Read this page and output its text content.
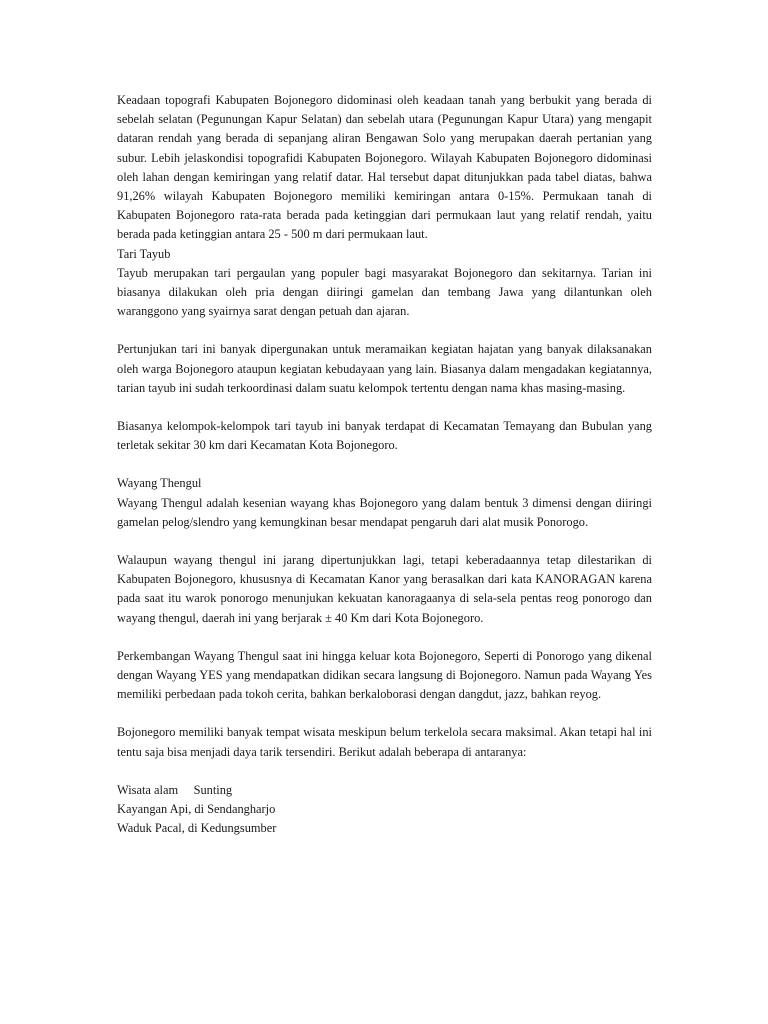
Keadaan topografi Kabupaten Bojonegoro didominasi oleh keadaan tanah yang berbukit yang berada di sebelah selatan (Pegunungan Kapur Selatan) dan sebelah utara (Pegunungan Kapur Utara) yang mengapit dataran rendah yang berada di sepanjang aliran Bengawan Solo yang merupakan daerah pertanian yang subur. Lebih jelaskondisi topografidi Kabupaten Bojonegoro. Wilayah Kabupaten Bojonegoro didominasi oleh lahan dengan kemiringan yang relatif datar. Hal tersebut dapat ditunjukkan pada tabel diatas, bahwa 91,26% wilayah Kabupaten Bojonegoro memiliki kemiringan antara 0-15%. Permukaan tanah di Kabupaten Bojonegoro rata-rata berada pada ketinggian dari permukaan laut yang relatif rendah, yaitu berada pada ketinggian antara 25 - 500 m dari permukaan laut.

Tari Tayub

Tayub merupakan tari pergaulan yang populer bagi masyarakat Bojonegoro dan sekitarnya. Tarian ini biasanya dilakukan oleh pria dengan diiringi gamelan dan tembang Jawa yang dilantunkan oleh waranggono yang syairnya sarat dengan petuah dan ajaran.

Pertunjukan tari ini banyak dipergunakan untuk meramaikan kegiatan hajatan yang banyak dilaksanakan oleh warga Bojonegoro ataupun kegiatan kebudayaan yang lain. Biasanya dalam mengadakan kegiatannya, tarian tayub ini sudah terkoordinasi dalam suatu kelompok tertentu dengan nama khas masing-masing.

Biasanya kelompok-kelompok tari tayub ini banyak terdapat di Kecamatan Temayang dan Bubulan yang terletak sekitar 30 km dari Kecamatan Kota Bojonegoro.

Wayang Thengul

Wayang Thengul adalah kesenian wayang khas Bojonegoro yang dalam bentuk 3 dimensi dengan diiringi gamelan pelog/slendro yang kemungkinan besar mendapat pengaruh dari alat musik Ponorogo.

Walaupun wayang thengul ini jarang dipertunjukkan lagi, tetapi keberadaannya tetap dilestarikan di Kabupaten Bojonegoro, khususnya di Kecamatan Kanor yang berasalkan dari kata KANORAGAN karena pada saat itu warok ponorogo menunjukan kekuatan kanoragaanya di sela-sela pentas reog ponorogo dan wayang thengul, daerah ini yang berjarak ± 40 Km dari Kota Bojonegoro.

Perkembangan Wayang Thengul saat ini hingga keluar kota Bojonegoro, Seperti di Ponorogo yang dikenal dengan Wayang YES yang mendapatkan didikan secara langsung di Bojonegoro. Namun pada Wayang Yes memiliki perbedaan pada tokoh cerita, bahkan berkaloborasi dengan dangdut, jazz, bahkan reyog.

Bojonegoro memiliki banyak tempat wisata meskipun belum terkelola secara maksimal. Akan tetapi hal ini tentu saja bisa menjadi daya tarik tersendiri. Berikut adalah beberapa di antaranya:

Wisata alam     Sunting

Kayangan Api, di Sendangharjo

Waduk Pacal, di Kedungsumber
